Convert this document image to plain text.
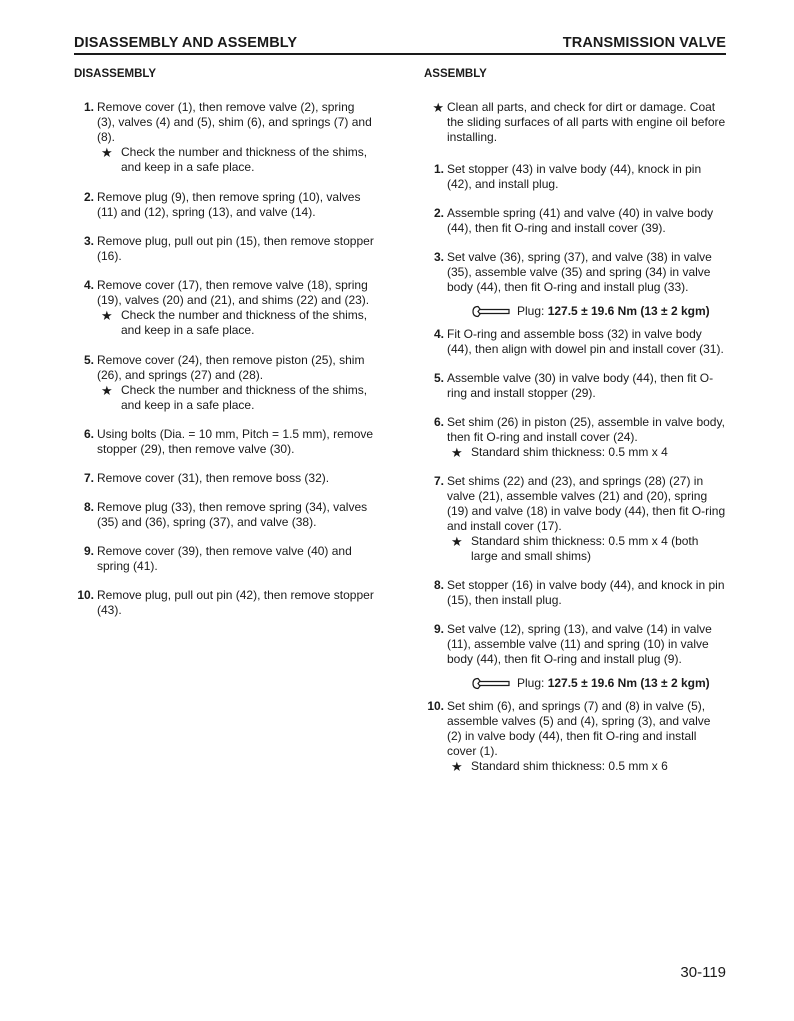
DISASSEMBLY AND ASSEMBLY	TRANSMISSION VALVE
DISASSEMBLY
1. Remove cover (1), then remove valve (2), spring (3), valves (4) and (5), shim (6), and springs (7) and (8).
★ Check the number and thickness of the shims, and keep in a safe place.
2. Remove plug (9), then remove spring (10), valves (11) and (12), spring (13), and valve (14).
3. Remove plug, pull out pin (15), then remove stopper (16).
4. Remove cover (17), then remove valve (18), spring (19), valves (20) and (21), and shims (22) and (23).
★ Check the number and thickness of the shims, and keep in a safe place.
5. Remove cover (24), then remove piston (25), shim (26), and springs (27) and (28).
★ Check the number and thickness of the shims, and keep in a safe place.
6. Using bolts (Dia. = 10 mm, Pitch = 1.5 mm), remove stopper (29), then remove valve (30).
7. Remove cover (31), then remove boss (32).
8. Remove plug (33), then remove spring (34), valves (35) and (36), spring (37), and valve (38).
9. Remove cover (39), then remove valve (40) and spring (41).
10. Remove plug, pull out pin (42), then remove stopper (43).
ASSEMBLY
★ Clean all parts, and check for dirt or damage. Coat the sliding surfaces of all parts with engine oil before installing.
1. Set stopper (43) in valve body (44), knock in pin (42), and install plug.
2. Assemble spring (41) and valve (40) in valve body (44), then fit O-ring and install cover (39).
3. Set valve (36), spring (37), and valve (38) in valve (35), assemble valve (35) and spring (34) in valve body (44), then fit O-ring and install plug (33).
Plug: 127.5 ± 19.6 Nm (13 ± 2 kgm)
4. Fit O-ring and assemble boss (32) in valve body (44), then align with dowel pin and install cover (31).
5. Assemble valve (30) in valve body (44), then fit O-ring and install stopper (29).
6. Set shim (26) in piston (25), assemble in valve body, then fit O-ring and install cover (24).
★ Standard shim thickness: 0.5 mm x 4
7. Set shims (22) and (23), and springs (28) (27) in valve (21), assemble valves (21) and (20), spring (19) and valve (18) in valve body (44), then fit O-ring and install cover (17).
★ Standard shim thickness: 0.5 mm x 4 (both large and small shims)
8. Set stopper (16) in valve body (44), and knock in pin (15), then install plug.
9. Set valve (12), spring (13), and valve (14) in valve (11), assemble valve (11) and spring (10) in valve body (44), then fit O-ring and install plug (9).
Plug: 127.5 ± 19.6 Nm (13 ± 2 kgm)
10. Set shim (6), and springs (7) and (8) in valve (5), assemble valves (5) and (4), spring (3), and valve (2) in valve body (44), then fit O-ring and install cover (1).
★ Standard shim thickness: 0.5 mm x 6
30-119
